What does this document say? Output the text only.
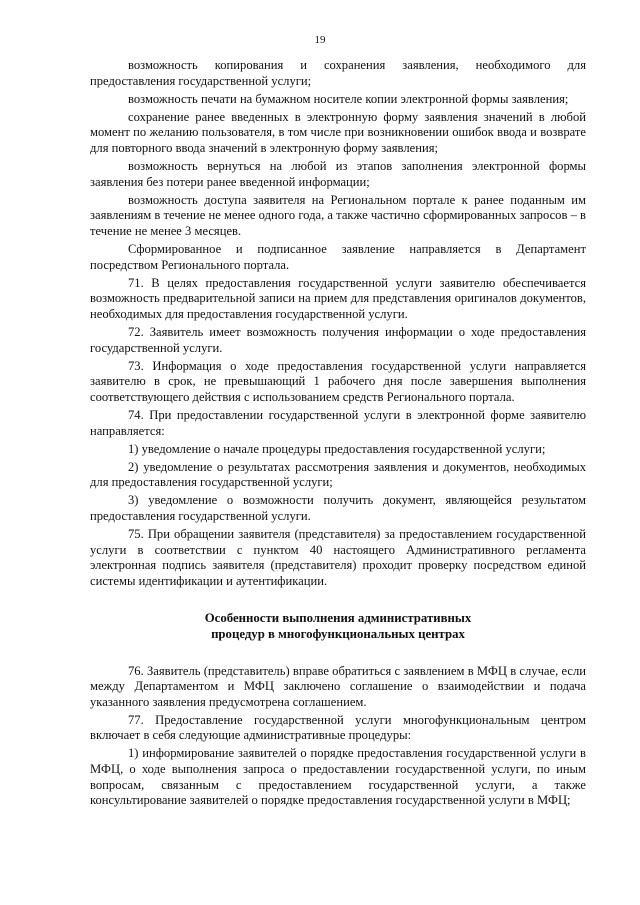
19

возможность копирования и сохранения заявления, необходимого для предоставления государственной услуги;

возможность печати на бумажном носителе копии электронной формы заявления;

сохранение ранее введенных в электронную форму заявления значений в любой момент по желанию пользователя, в том числе при возникновении ошибок ввода и возврате для повторного ввода значений в электронную форму заявления;

возможность вернуться на любой из этапов заполнения электронной формы заявления без потери ранее введенной информации;

возможность доступа заявителя на Региональном портале к ранее поданным им заявлениям в течение не менее одного года, а также частично сформированных запросов – в течение не менее 3 месяцев.

Сформированное и подписанное заявление направляется в Департамент посредством Регионального портала.

71. В целях предоставления государственной услуги заявителю обеспечивается возможность предварительной записи на прием для представления оригиналов документов, необходимых для предоставления государственной услуги.

72. Заявитель имеет возможность получения информации о ходе предоставления государственной услуги.

73. Информация о ходе предоставления государственной услуги направляется заявителю в срок, не превышающий 1 рабочего дня после завершения выполнения соответствующего действия с использованием средств Регионального портала.

74. При предоставлении государственной услуги в электронной форме заявителю направляется:

1) уведомление о начале процедуры предоставления государственной услуги;

2) уведомление о результатах рассмотрения заявления и документов, необходимых для предоставления государственной услуги;

3) уведомление о возможности получить документ, являющейся результатом предоставления государственной услуги.

75. При обращении заявителя (представителя) за предоставлением государственной услуги в соответствии с пунктом 40 настоящего Административного регламента электронная подпись заявителя (представителя) проходит проверку посредством единой системы идентификации и аутентификации.

Особенности выполнения административных
процедур в многофункциональных центрах

76. Заявитель (представитель) вправе обратиться с заявлением в МФЦ в случае, если между Департаментом и МФЦ заключено соглашение о взаимодействии и подача указанного заявления предусмотрена соглашением.

77. Предоставление государственной услуги многофункциональным центром включает в себя следующие административные процедуры:

1) информирование заявителей о порядке предоставления государственной услуги в МФЦ, о ходе выполнения запроса о предоставлении государственной услуги, по иным вопросам, связанным с предоставлением государственной услуги, а также консультирование заявителей о порядке предоставления государственной услуги в МФЦ;
